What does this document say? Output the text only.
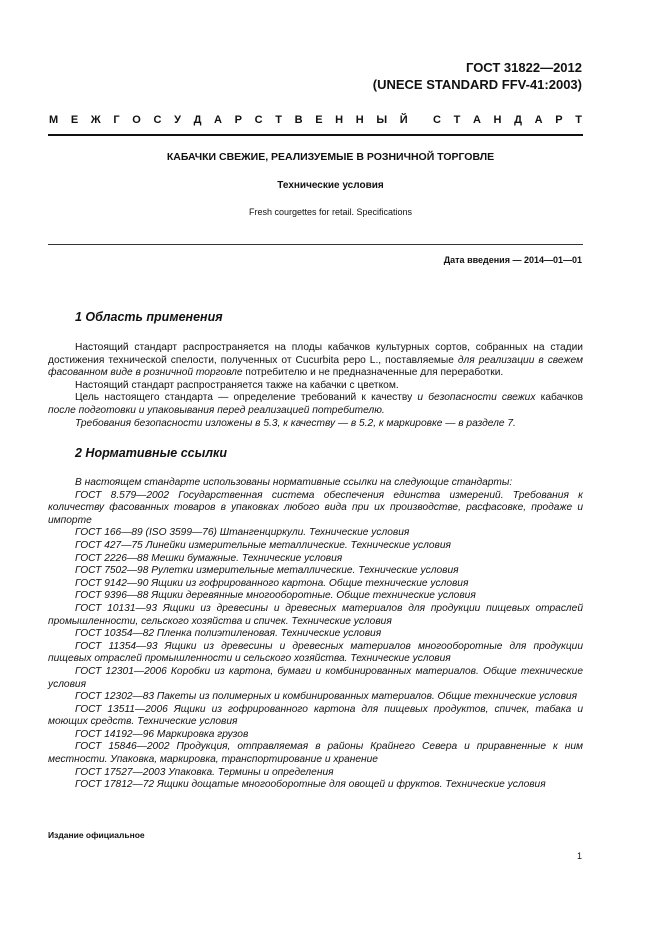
ГОСТ 31822—2012
(UNECE STANDARD FFV-41:2003)
М Е Ж Г О С У Д А Р С Т В Е Н Н Ы Й С Т А Н Д А Р Т
КАБАЧКИ СВЕЖИЕ, РЕАЛИЗУЕМЫЕ В РОЗНИЧНОЙ ТОРГОВЛЕ
Технические условия
Fresh courgettes for retail. Specifications
Дата введения — 2014—01—01
1 Область применения

Настоящий стандарт распространяется на плоды кабачков культурных сортов, собранных на стадии достижения технической спелости, полученных от Cucurbita pepo L., поставляемые для реализации в свежем фасованном виде в розничной торговле потребителю и не предназначенные для переработки.

Настоящий стандарт распространяется также на кабачки с цветком.

Цель настоящего стандарта — определение требований к качеству и безопасности свежих кабачков после подготовки и упаковывания перед реализацией потребителю.

Требования безопасности изложены в 5.3, к качеству — в 5.2, к маркировке — в разделе 7.

2 Нормативные ссылки

В настоящем стандарте использованы нормативные ссылки на следующие стандарты:

ГОСТ 8.579—2002 Государственная система обеспечения единства измерений. Требования к количеству фасованных товаров в упаковках любого вида при их производстве, расфасовке, продаже и импорте

ГОСТ 166—89 (ISO 3599—76) Штангенциркули. Технические условия

ГОСТ 427—75 Линейки измерительные металлические. Технические условия

ГОСТ 2226—88 Мешки бумажные. Технические условия

ГОСТ 7502—98 Рулетки измерительные металлические. Технические условия

ГОСТ 9142—90 Ящики из гофрированного картона. Общие технические условия

ГОСТ 9396—88 Ящики деревянные многооборотные. Общие технические условия

ГОСТ 10131—93 Ящики из древесины и древесных материалов для продукции пищевых отраслей промышленности, сельского хозяйства и спичек. Технические условия

ГОСТ 10354—82 Пленка полиэтиленовая. Технические условия

ГОСТ 11354—93 Ящики из древесины и древесных материалов многооборотные для продукции пищевых отраслей промышленности и сельского хозяйства. Технические условия

ГОСТ 12301—2006 Коробки из картона, бумаги и комбинированных материалов. Общие технические условия

ГОСТ 12302—83 Пакеты из полимерных и комбинированных материалов. Общие технические условия

ГОСТ 13511—2006 Ящики из гофрированного картона для пищевых продуктов, спичек, табака и моющих средств. Технические условия

ГОСТ 14192—96 Маркировка грузов

ГОСТ 15846—2002 Продукция, отправляемая в районы Крайнего Севера и приравненные к ним местности. Упаковка, маркировка, транспортирование и хранение

ГОСТ 17527—2003 Упаковка. Термины и определения

ГОСТ 17812—72 Ящики дощатые многооборотные для овощей и фруктов. Технические условия

Издание официальное
1
